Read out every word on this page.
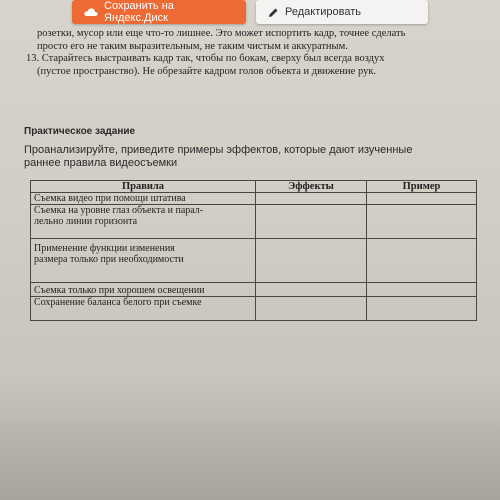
Сохранить на Яндекс.Диск	Редактировать

розетки, мусор или еще что-то лишнее. Это может испортить кадр, точнее сделать

просто его не таким выразительным, не таким чистым и аккуратным.

13. Старайтесь выстраивать кадр так, чтобы по бокам, сверху был всегда воздух

(пустое пространство). Не обрезайте кадром голов объекта и движение рук.

Практическое задание
Проанализируйте, приведите примеры эффектов, которые дают изученные
раннее правила видеосъемки
Правила	Эффекты	Пример
Съемка видео при помощи штатива		

Съемка на уровне глаз объекта и парал-
лельно линии горизонта		

Применение функции изменения
размера только при необходимости		

Съемка только при хорошем освещении		
Сохранение баланса белого при съемке		
